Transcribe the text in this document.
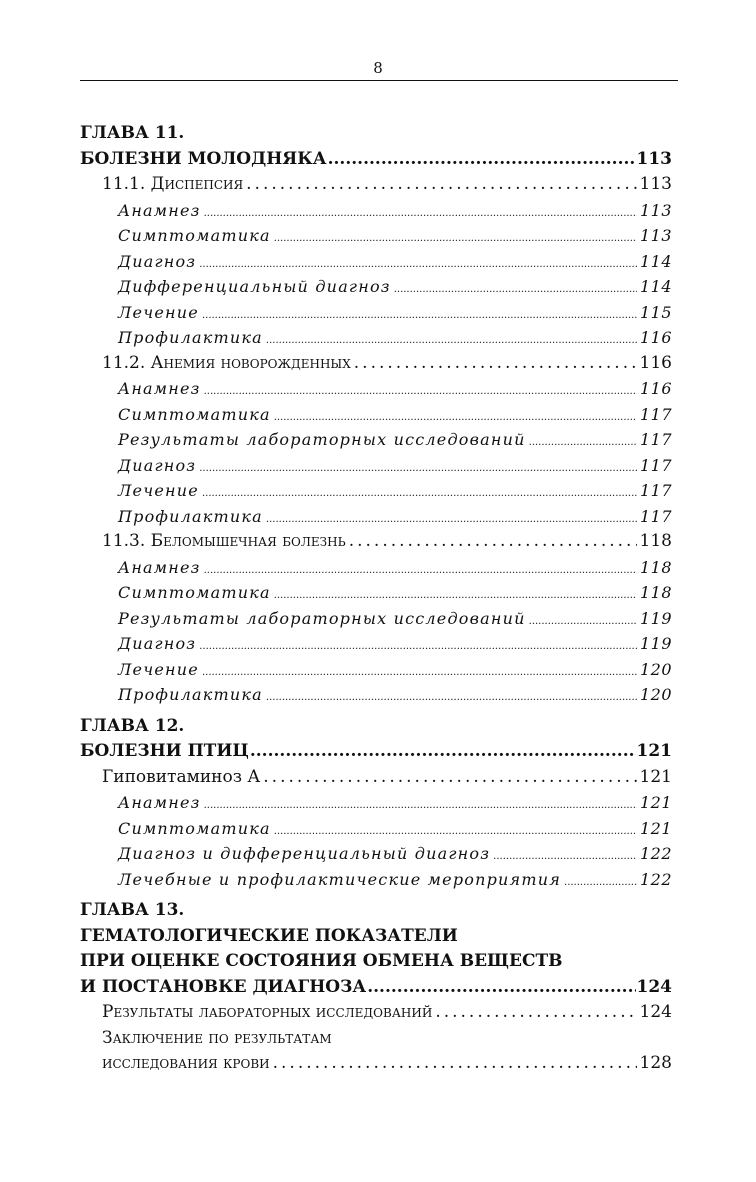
8
ГЛАВА 11.
БОЛЕЗНИ МОЛОДНЯКА .....	113
11.1. Диспепсия .....	113
Анамнез .....	113
Симптоматика .....	113
Диагноз .....	114
Дифференциальный диагноз .....	114
Лечение .....	115
Профилактика .....	116
11.2. Анемия новорожденных .....	116
Анамнез .....	116
Симптоматика .....	117
Результаты лабораторных исследований .....	117
Диагноз .....	117
Лечение .....	117
Профилактика .....	117
11.3. Беломышечная болезнь .....	118
Анамнез .....	118
Симптоматика .....	118
Результаты лабораторных исследований .....	119
Диагноз .....	119
Лечение .....	120
Профилактика .....	120
ГЛАВА 12.
БОЛЕЗНИ ПТИЦ .....	121
Гиповитаминоз А .....	121
Анамнез .....	121
Симптоматика .....	121
Диагноз и дифференциальный диагноз .....	122
Лечебные и профилактические мероприятия .....	122
ГЛАВА 13.
ГЕМАТОЛОГИЧЕСКИЕ ПОКАЗАТЕЛИ
ПРИ ОЦЕНКЕ СОСТОЯНИЯ ОБМЕНА ВЕЩЕСТВ
И ПОСТАНОВКЕ ДИАГНОЗА .....	124
Результаты лабораторных исследований .....	124
Заключение по результатам
исследования крови .....	128
